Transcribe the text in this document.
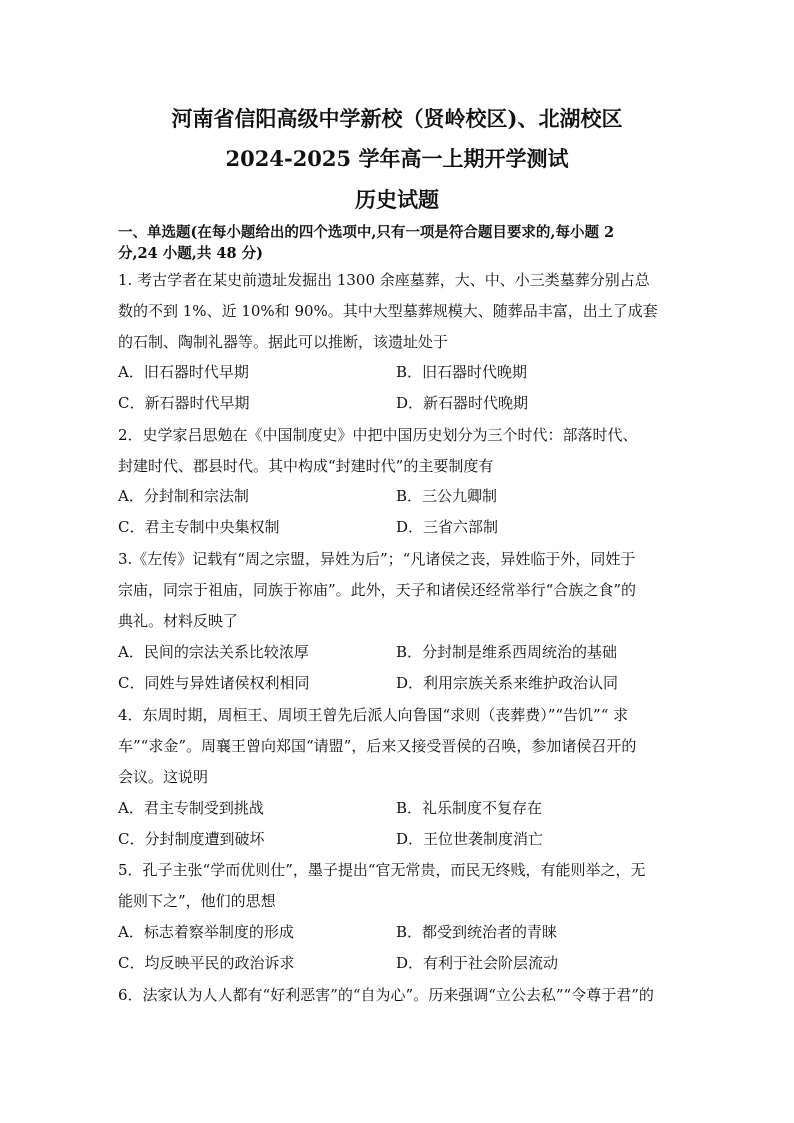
河南省信阳高级中学新校（贤岭校区)、北湖校区
2024-2025 学年高一上期开学测试
历史试题
一、单选题(在每小题给出的四个选项中,只有一项是符合题目要求的,每小题 2
分,24 小题,共 48 分)
1. 考古学者在某史前遗址发掘出 1300 余座墓葬，大、中、小三类墓葬分别占总
数的不到 1%、近 10%和 90%。其中大型墓葬规模大、随葬品丰富，出土了成套
的石制、陶制礼器等。据此可以推断，该遗址处于
A．旧石器时代早期	B．旧石器时代晚期
C．新石器时代早期	D．新石器时代晚期
2．史学家吕思勉在《中国制度史》中把中国历史划分为三个时代：部落时代、
封建时代、郡县时代。其中构成“封建时代”的主要制度有
A．分封制和宗法制	B．三公九卿制
C．君主专制中央集权制	D．三省六部制
3.《左传》记载有“周之宗盟，异姓为后”；“凡诸侯之丧，异姓临于外，同姓于
宗庙，同宗于祖庙，同族于祢庙”。此外，天子和诸侯还经常举行“合族之食”的
典礼。材料反映了
A．民间的宗法关系比较浓厚	B．分封制是维系西周统治的基础
C．同姓与异姓诸侯权利相同	D．利用宗族关系来维护政治认同
4．东周时期，周桓王、周顷王曾先后派人向鲁国“求则（丧葬费）”“告饥”“ 求
车”“求金”。周襄王曾向郑国“请盟”，后来又接受晋侯的召唤，参加诸侯召开的
会议。这说明
A．君主专制受到挑战	B．礼乐制度不复存在
C．分封制度遭到破坏	D．王位世袭制度消亡
5．孔子主张“学而优则仕”，墨子提出“官无常贵，而民无终贱，有能则举之，无
能则下之”，他们的思想
A．标志着察举制度的形成	B．都受到统治者的青睐
C．均反映平民的政治诉求	D．有利于社会阶层流动
6．法家认为人人都有“好利恶害”的“自为心”。历来强调“立公去私”“令尊于君”的
